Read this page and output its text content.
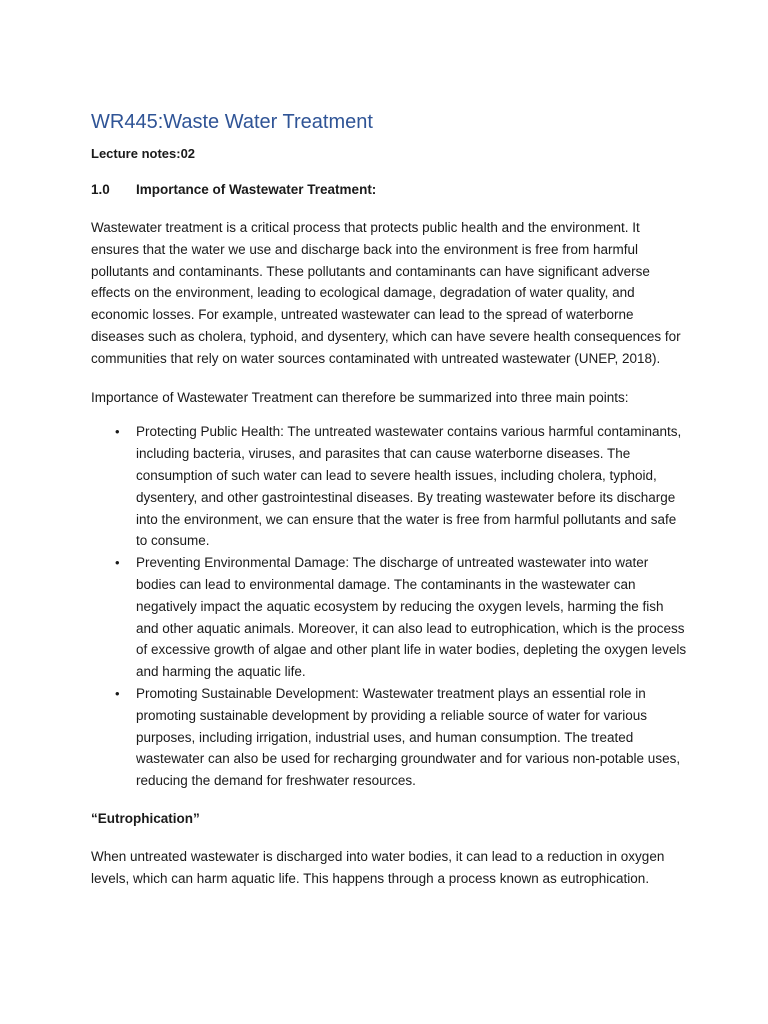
WR445:Waste Water Treatment
Lecture notes:02
1.0	Importance of Wastewater Treatment:

Wastewater treatment is a critical process that protects public health and the environment. It ensures that the water we use and discharge back into the environment is free from harmful pollutants and contaminants. These pollutants and contaminants can have significant adverse effects on the environment, leading to ecological damage, degradation of water quality, and economic losses. For example, untreated wastewater can lead to the spread of waterborne diseases such as cholera, typhoid, and dysentery, which can have severe health consequences for communities that rely on water sources contaminated with untreated wastewater (UNEP, 2018).

Importance of Wastewater Treatment can therefore be summarized into three main points:

• Protecting Public Health: The untreated wastewater contains various harmful contaminants, including bacteria, viruses, and parasites that can cause waterborne diseases. The consumption of such water can lead to severe health issues, including cholera, typhoid, dysentery, and other gastrointestinal diseases. By treating wastewater before its discharge into the environment, we can ensure that the water is free from harmful pollutants and safe to consume.
• Preventing Environmental Damage: The discharge of untreated wastewater into water bodies can lead to environmental damage. The contaminants in the wastewater can negatively impact the aquatic ecosystem by reducing the oxygen levels, harming the fish and other aquatic animals. Moreover, it can also lead to eutrophication, which is the process of excessive growth of algae and other plant life in water bodies, depleting the oxygen levels and harming the aquatic life.
• Promoting Sustainable Development: Wastewater treatment plays an essential role in promoting sustainable development by providing a reliable source of water for various purposes, including irrigation, industrial uses, and human consumption. The treated wastewater can also be used for recharging groundwater and for various non-potable uses, reducing the demand for freshwater resources.
“Eutrophication”

When untreated wastewater is discharged into water bodies, it can lead to a reduction in oxygen levels, which can harm aquatic life. This happens through a process known as eutrophication.
